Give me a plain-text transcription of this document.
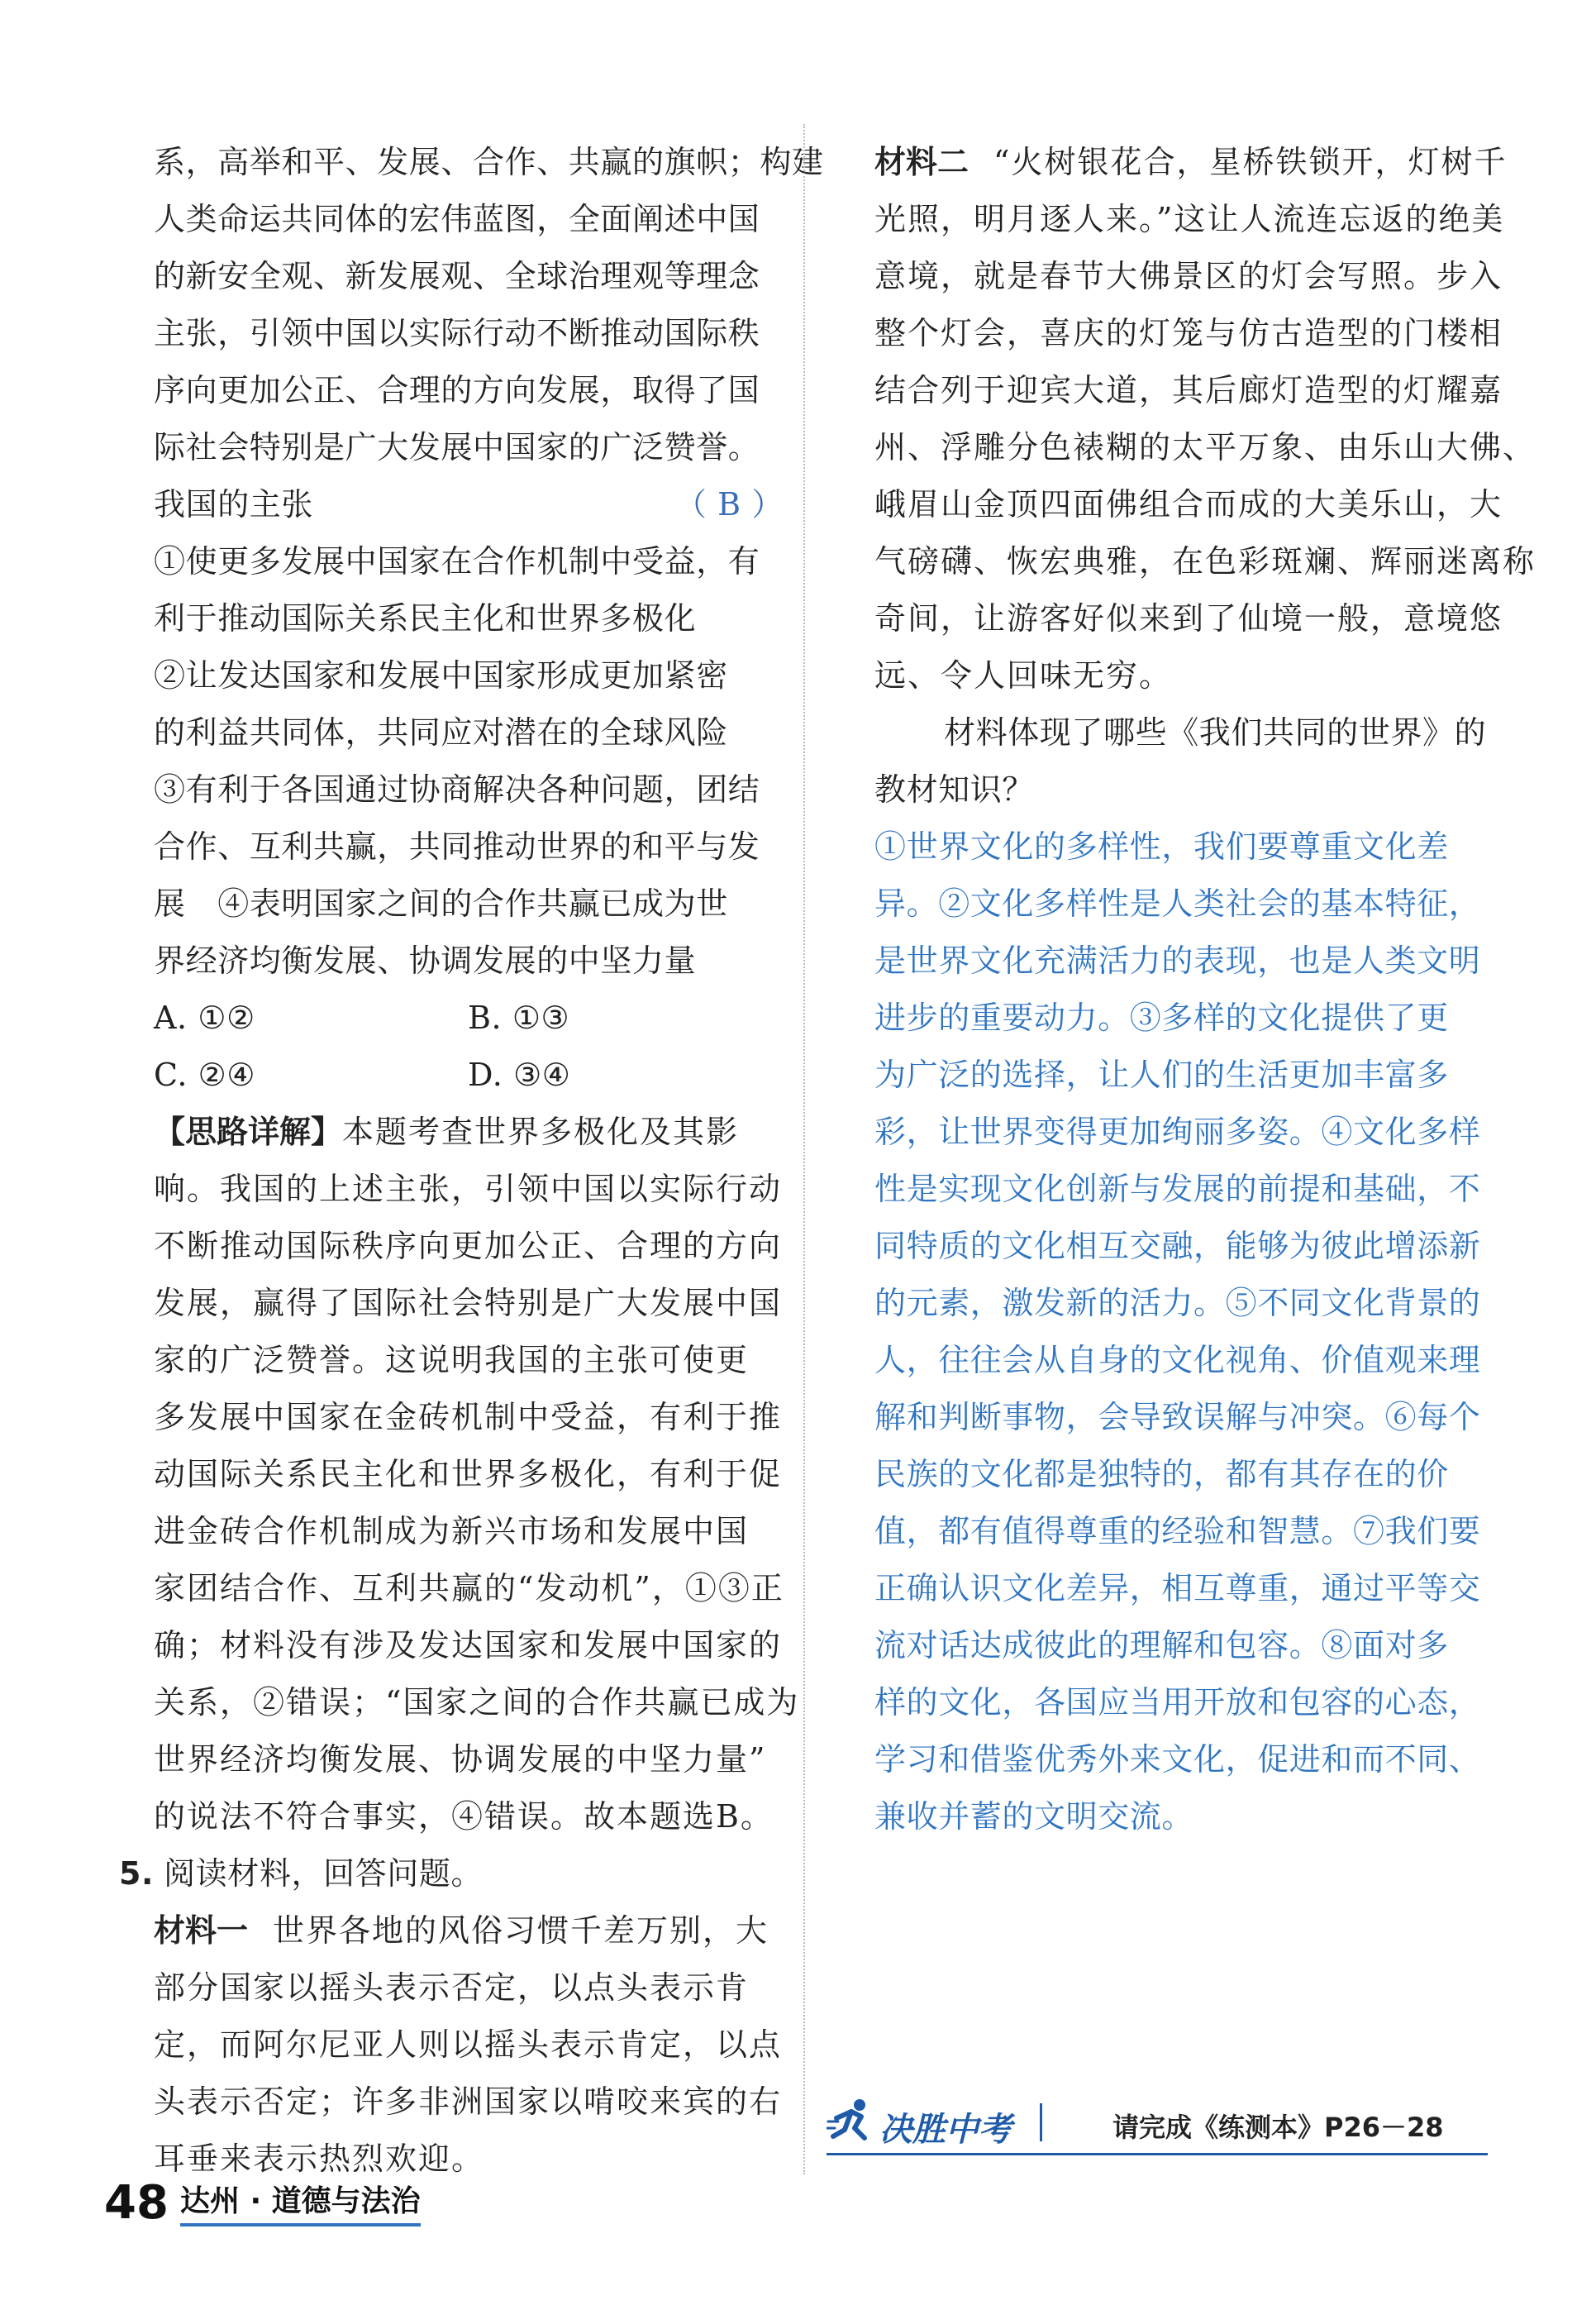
系，高举和平、发展、合作、共赢的旗帜；构建
人类命运共同体的宏伟蓝图，全面阐述中国
的新安全观、新发展观、全球治理观等理念
主张，引领中国以实际行动不断推动国际秩
序向更加公正、合理的方向发展，取得了国
际社会特别是广大发展中国家的广泛赞誉。
我国的主张	（ B ）
①使更多发展中国家在合作机制中受益，有
利于推动国际关系民主化和世界多极化
②让发达国家和发展中国家形成更加紧密
的利益共同体，共同应对潜在的全球风险
③有利于各国通过协商解决各种问题，团结
合作、互利共赢，共同推动世界的和平与发
展　④表明国家之间的合作共赢已成为世
界经济均衡发展、协调发展的中坚力量
A. ①②	B. ①③
C. ②④	D. ③④
【思路详解】本题考查世界多极化及其影
响。我国的上述主张，引领中国以实际行动
不断推动国际秩序向更加公正、合理的方向
发展，赢得了国际社会特别是广大发展中国
家的广泛赞誉。这说明我国的主张可使更
多发展中国家在金砖机制中受益，有利于推
动国际关系民主化和世界多极化，有利于促
进金砖合作机制成为新兴市场和发展中国
家团结合作、互利共赢的“发动机”，①③正
确；材料没有涉及发达国家和发展中国家的
关系，②错误；“国家之间的合作共赢已成为
世界经济均衡发展、协调发展的中坚力量”
的说法不符合事实，④错误。故本题选B。
5. 阅读材料，回答问题。
材料一 世界各地的风俗习惯千差万别，大
部分国家以摇头表示否定，以点头表示肯
定，而阿尔尼亚人则以摇头表示肯定，以点
头表示否定；许多非洲国家以啃咬来宾的右
耳垂来表示热烈欢迎。
材料二 “火树银花合，星桥铁锁开，灯树千
光照，明月逐人来。”这让人流连忘返的绝美
意境，就是春节大佛景区的灯会写照。步入
整个灯会，喜庆的灯笼与仿古造型的门楼相
结合列于迎宾大道，其后廊灯造型的灯耀嘉
州、浮雕分色裱糊的太平万象、由乐山大佛、
峨眉山金顶四面佛组合而成的大美乐山，大
气磅礴、恢宏典雅，在色彩斑斓、辉丽迷离称
奇间，让游客好似来到了仙境一般，意境悠
远、令人回味无穷。
材料体现了哪些《我们共同的世界》的
教材知识？
①世界文化的多样性，我们要尊重文化差
异。②文化多样性是人类社会的基本特征，
是世界文化充满活力的表现，也是人类文明
进步的重要动力。③多样的文化提供了更
为广泛的选择，让人们的生活更加丰富多
彩，让世界变得更加绚丽多姿。④文化多样
性是实现文化创新与发展的前提和基础，不
同特质的文化相互交融，能够为彼此增添新
的元素，激发新的活力。⑤不同文化背景的
人，往往会从自身的文化视角、价值观来理
解和判断事物，会导致误解与冲突。⑥每个
民族的文化都是独特的，都有其存在的价
值，都有值得尊重的经验和智慧。⑦我们要
正确认识文化差异，相互尊重，通过平等交
流对话达成彼此的理解和包容。⑧面对多
样的文化，各国应当用开放和包容的心态，
学习和借鉴优秀外来文化，促进和而不同、
兼收并蓄的文明交流。
决胜中考	请完成《练测本》P26－28
48 达州 · 道德与法治
